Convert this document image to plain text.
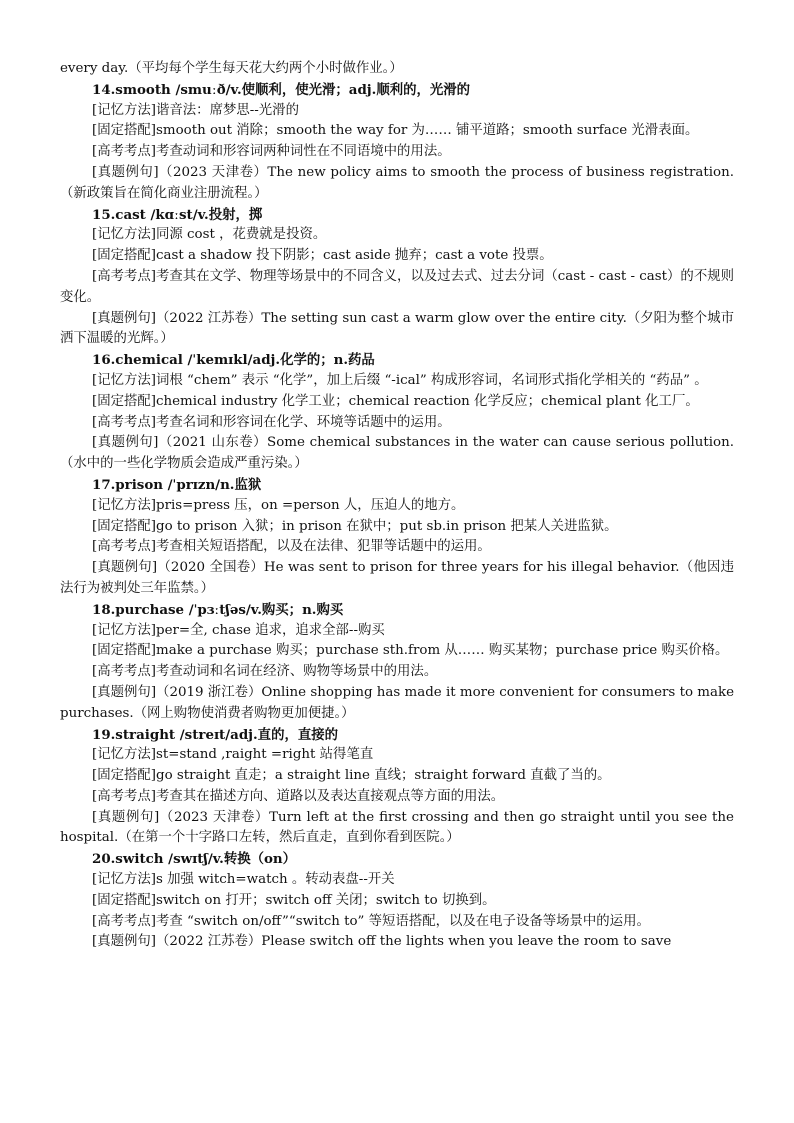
every day.（平均每个学生每天花大约两个小时做作业。）
14.smooth /smuːð/v.使顺利，使光滑；adj.顺利的，光滑的
[记忆方法]谐音法：席梦思--光滑的
[固定搭配]smooth out 消除；smooth the way for 为…… 铺平道路；smooth surface 光滑表面。
[高考考点]考查动词和形容词两种词性在不同语境中的用法。
[真题例句]（2023 天津卷）The new policy aims to smooth the process of business registration.（新政策旨在简化商业注册流程。）
15.cast /kɑːst/v.投射，掷
[记忆方法]同源 cost ，花费就是投资。
[固定搭配]cast a shadow 投下阴影；cast aside 抛弃；cast a vote 投票。
[高考考点]考查其在文学、物理等场景中的不同含义，以及过去式、过去分词（cast - cast - cast）的不规则变化。
[真题例句]（2022 江苏卷）The setting sun cast a warm glow over the entire city.（夕阳为整个城市洒下温暖的光辉。）
16.chemical /ˈkemɪkl/adj.化学的；n.药品
[记忆方法]词根 “chem” 表示 “化学”，加上后缀 “-ical” 构成形容词，名词形式指化学相关的 “药品” 。
[固定搭配]chemical industry 化学工业；chemical reaction 化学反应；chemical plant 化工厂。
[高考考点]考查名词和形容词在化学、环境等话题中的运用。
[真题例句]（2021 山东卷）Some chemical substances in the water can cause serious pollution.（水中的一些化学物质会造成严重污染。）
17.prison /ˈprɪzn/n.监狱
[记忆方法]pris=press 压，on =person 人，压迫人的地方。
[固定搭配]go to prison 入狱；in prison 在狱中；put sb.in prison 把某人关进监狱。
[高考考点]考查相关短语搭配，以及在法律、犯罪等话题中的运用。
[真题例句]（2020 全国卷）He was sent to prison for three years for his illegal behavior.（他因违法行为被判处三年监禁。）
18.purchase /ˈpɜːtʃəs/v.购买；n.购买
[记忆方法]per=全, chase 追求，追求全部--购买
[固定搭配]make a purchase 购买；purchase sth.from 从…… 购买某物；purchase price 购买价格。
[高考考点]考查动词和名词在经济、购物等场景中的用法。
[真题例句]（2019 浙江卷）Online shopping has made it more convenient for consumers to make purchases.（网上购物使消费者购物更加便捷。）
19.straight /streɪt/adj.直的，直接的
[记忆方法]st=stand ,raight =right 站得笔直
[固定搭配]go straight 直走；a straight line 直线；straight forward 直截了当的。
[高考考点]考查其在描述方向、道路以及表达直接观点等方面的用法。
[真题例句]（2023 天津卷）Turn left at the first crossing and then go straight until you see the hospital.（在第一个十字路口左转，然后直走，直到你看到医院。）
20.switch /swɪtʃ/v.转换（on）
[记忆方法]s 加强 witch=watch 。转动表盘--开关
[固定搭配]switch on 打开；switch off 关闭；switch to 切换到。
[高考考点]考查 “switch on/off”“switch to” 等短语搭配，以及在电子设备等场景中的运用。
[真题例句]（2022 江苏卷）Please switch off the lights when you leave the room to save
